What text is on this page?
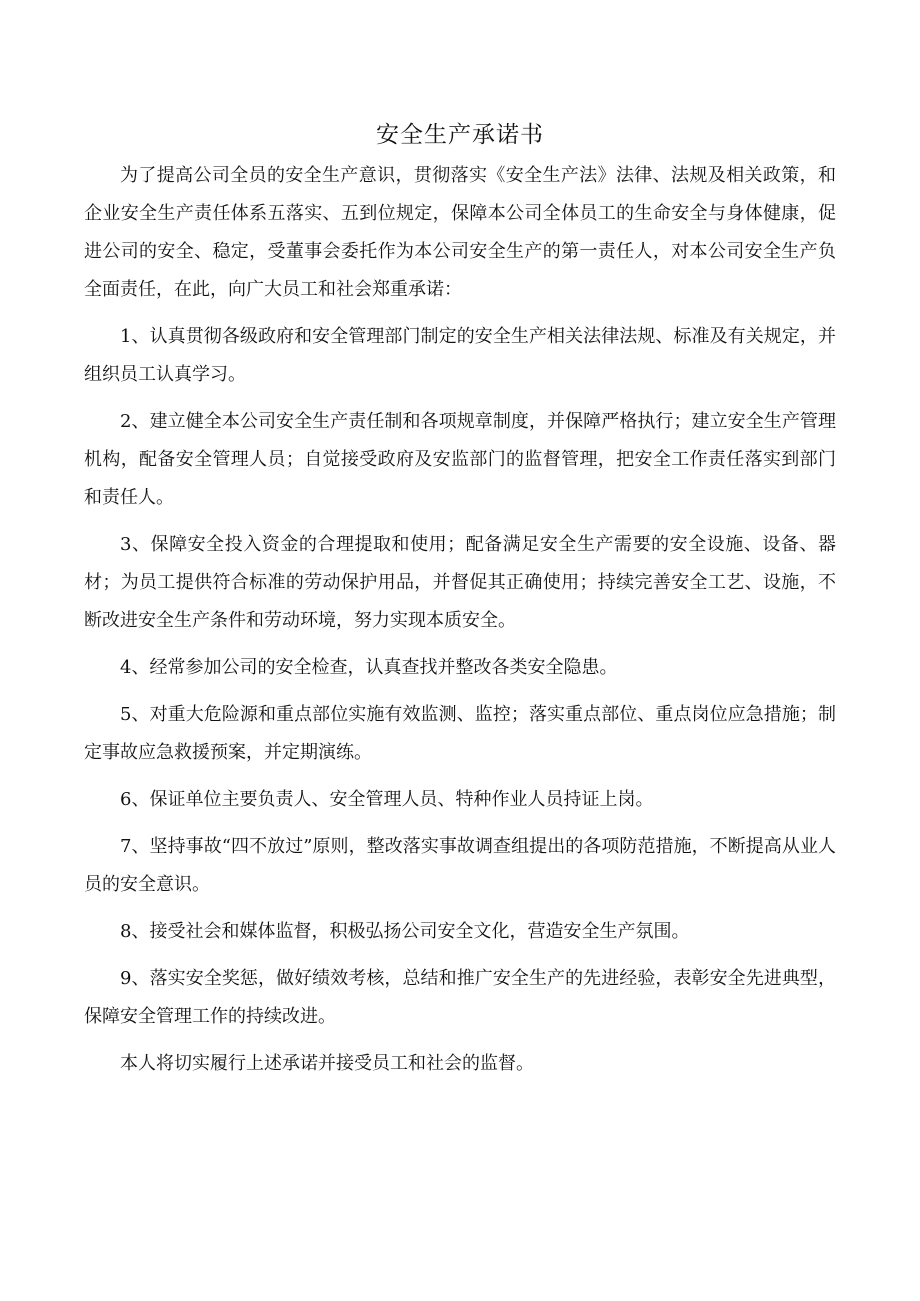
安全生产承诺书

为了提高公司全员的安全生产意识，贯彻落实《安全生产法》法律、法规及相关政策，和企业安全生产责任体系五落实、五到位规定，保障本公司全体员工的生命安全与身体健康，促进公司的安全、稳定，受董事会委托作为本公司安全生产的第一责任人，对本公司安全生产负全面责任，在此，向广大员工和社会郑重承诺：

1、认真贯彻各级政府和安全管理部门制定的安全生产相关法律法规、标准及有关规定，并组织员工认真学习。

2、建立健全本公司安全生产责任制和各项规章制度，并保障严格执行；建立安全生产管理机构，配备安全管理人员；自觉接受政府及安监部门的监督管理，把安全工作责任落实到部门和责任人。

3、保障安全投入资金的合理提取和使用；配备满足安全生产需要的安全设施、设备、器材；为员工提供符合标准的劳动保护用品，并督促其正确使用；持续完善安全工艺、设施，不断改进安全生产条件和劳动环境，努力实现本质安全。

4、经常参加公司的安全检查，认真查找并整改各类安全隐患。

5、对重大危险源和重点部位实施有效监测、监控；落实重点部位、重点岗位应急措施；制定事故应急救援预案，并定期演练。

6、保证单位主要负责人、安全管理人员、特种作业人员持证上岗。

7、坚持事故“四不放过”原则，整改落实事故调查组提出的各项防范措施，不断提高从业人员的安全意识。

8、接受社会和媒体监督，积极弘扬公司安全文化，营造安全生产氛围。

9、落实安全奖惩，做好绩效考核，总结和推广安全生产的先进经验，表彰安全先进典型，保障安全管理工作的持续改进。

本人将切实履行上述承诺并接受员工和社会的监督。
